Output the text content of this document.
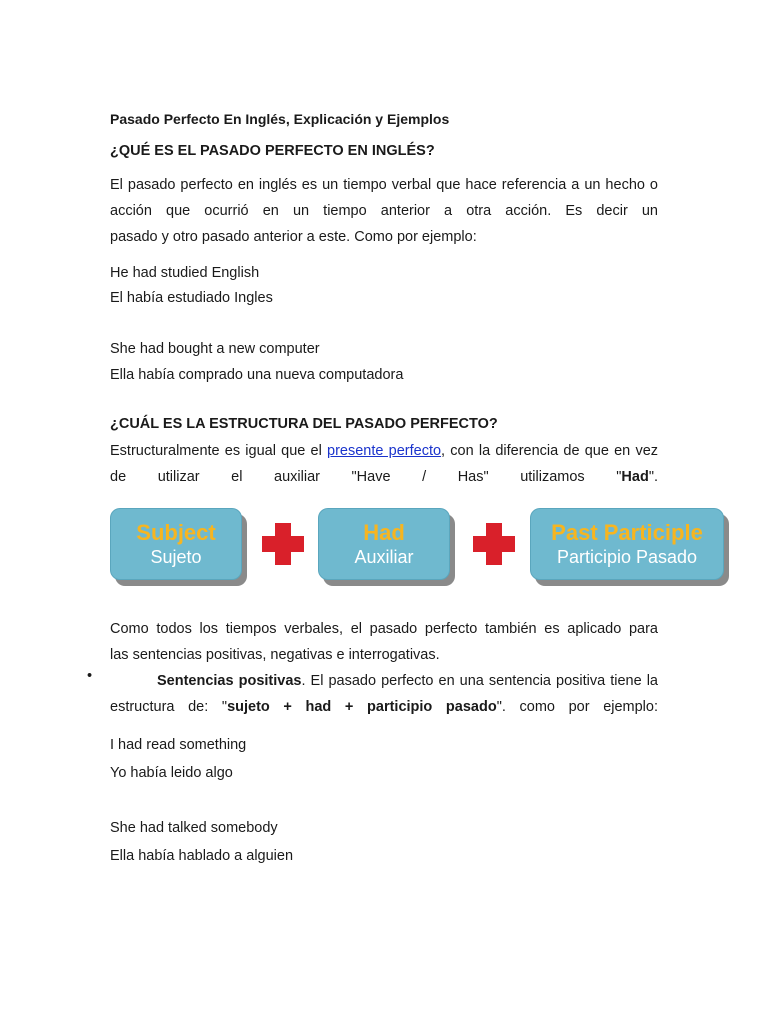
Pasado Perfecto En Inglés, Explicación y Ejemplos
¿QUÉ ES EL PASADO PERFECTO EN INGLÉS?
El pasado perfecto en inglés es un tiempo verbal que hace referencia a un hecho o acción que ocurrió en un tiempo anterior a otra acción. Es decir un
pasado y otro pasado anterior a este. Como por ejemplo:
He had studied English
El había estudiado Ingles
She had bought a new computer
Ella había comprado una nueva computadora
¿CUÁL ES LA ESTRUCTURA DEL PASADO PERFECTO?
Estructuralmente es igual que el presente perfecto, con la diferencia de que en vez de utilizar el auxiliar "Have / Has" utilizamos "Had".
Subject
Sujeto
Had
Auxiliar
Past Participle
Participio Pasado
Como todos los tiempos verbales, el pasado perfecto también es aplicado para
las sentencias positivas, negativas e interrogativas.
•	Sentencias positivas. El pasado perfecto en una sentencia positiva tiene la estructura de: "sujeto + had + participio pasado". como por ejemplo:
I had read something
Yo había leido algo
She had talked somebody
Ella había hablado a alguien
